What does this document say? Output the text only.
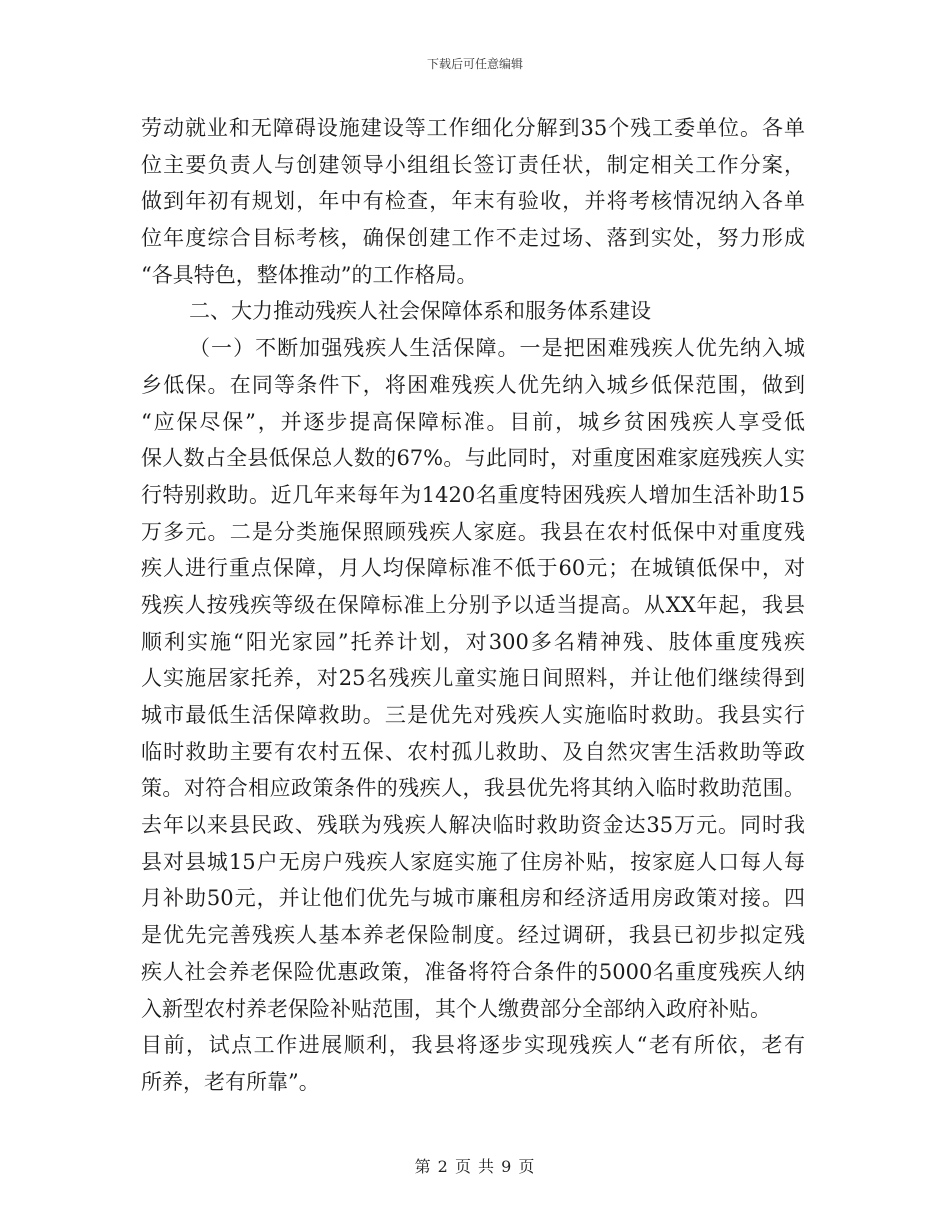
下载后可任意编辑
劳动就业和无障碍设施建设等工作细化分解到35个残工委单位。各单
位主要负责人与创建领导小组组长签订责任状，制定相关工作分案，
做到年初有规划，年中有检查，年末有验收，并将考核情况纳入各单
位年度综合目标考核，确保创建工作不走过场、落到实处，努力形成
“各具特色，整体推动”的工作格局。
二、大力推动残疾人社会保障体系和服务体系建设
（一）不断加强残疾人生活保障。一是把困难残疾人优先纳入城
乡低保。在同等条件下，将困难残疾人优先纳入城乡低保范围，做到
“应保尽保”，并逐步提高保障标准。目前，城乡贫困残疾人享受低
保人数占全县低保总人数的67%。与此同时，对重度困难家庭残疾人实
行特别救助。近几年来每年为1420名重度特困残疾人增加生活补助15
万多元。二是分类施保照顾残疾人家庭。我县在农村低保中对重度残
疾人进行重点保障，月人均保障标准不低于60元；在城镇低保中，对
残疾人按残疾等级在保障标准上分别予以适当提高。从XX年起，我县
顺利实施“阳光家园”托养计划，对300多名精神残、肢体重度残疾
人实施居家托养，对25名残疾儿童实施日间照料，并让他们继续得到
城市最低生活保障救助。三是优先对残疾人实施临时救助。我县实行
临时救助主要有农村五保、农村孤儿救助、及自然灾害生活救助等政
策。对符合相应政策条件的残疾人，我县优先将其纳入临时救助范围。
去年以来县民政、残联为残疾人解决临时救助资金达35万元。同时我
县对县城15户无房户残疾人家庭实施了住房补贴，按家庭人口每人每
月补助50元，并让他们优先与城市廉租房和经济适用房政策对接。四
是优先完善残疾人基本养老保险制度。经过调研，我县已初步拟定残
疾人社会养老保险优惠政策，准备将符合条件的5000名重度残疾人纳
入新型农村养老保险补贴范围，其个人缴费部分全部纳入政府补贴。
目前，试点工作进展顺利，我县将逐步实现残疾人“老有所依，老有
所养，老有所靠”。
第 2 页 共 9 页
